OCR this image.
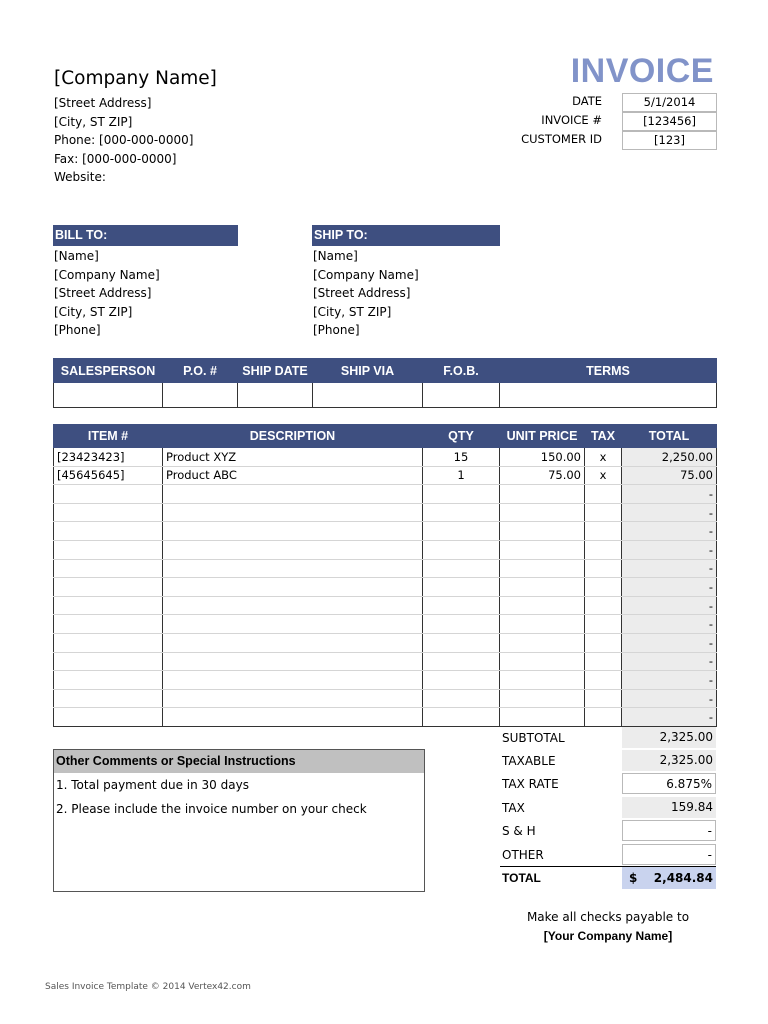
[Company Name]
[Street Address]
[City, ST ZIP]
Phone: [000-000-0000]
Fax: [000-000-0000]
Website:
INVOICE
DATE	5/1/2014
INVOICE #	[123456]
CUSTOMER ID	[123]
BILL TO:
[Name]
[Company Name]
[Street Address]
[City, ST ZIP]
[Phone]
SHIP TO:
[Name]
[Company Name]
[Street Address]
[City, ST ZIP]
[Phone]
SALESPERSON	P.O. #	SHIP DATE	SHIP VIA	F.O.B.	TERMS

ITEM #	DESCRIPTION	QTY	UNIT PRICE	TAX	TOTAL
[23423423]	Product XYZ	15	150.00	x	2,250.00
[45645645]	Product ABC	1	75.00	x	75.00
					-
					-
					-
					-
					-
					-
					-
					-
					-
					-
					-
					-
					-
Other Comments or Special Instructions
1. Total payment due in 30 days
2. Please include the invoice number on your check
SUBTOTAL	2,325.00
TAXABLE	2,325.00
TAX RATE	6.875%
TAX	159.84
S & H	-
OTHER	-
TOTAL	$ 2,484.84
Make all checks payable to
[Your Company Name]
Sales Invoice Template © 2014 Vertex42.com
